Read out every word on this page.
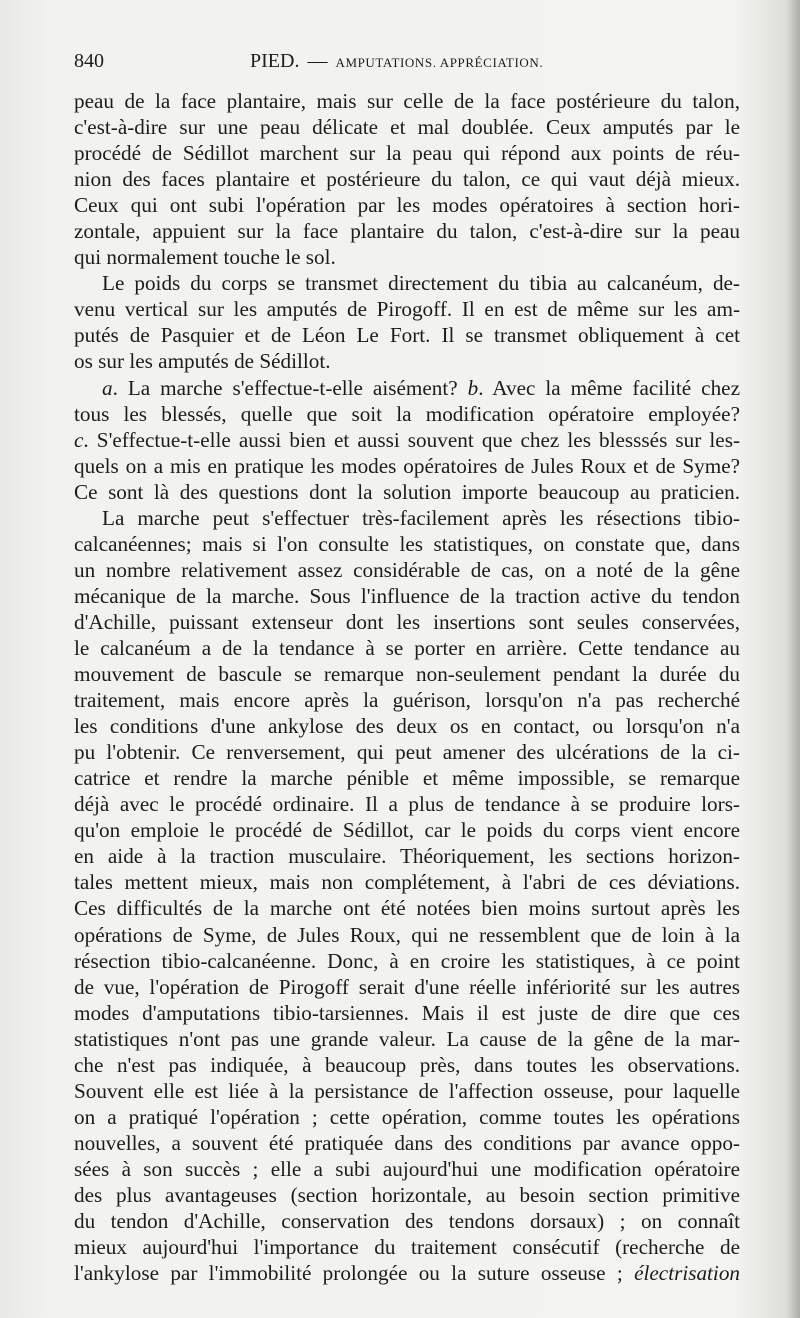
840	PIED. — AMPUTATIONS. APPRÉCIATION.
peau de la face plantaire, mais sur celle de la face postérieure du talon,
c'est-à-dire sur une peau délicate et mal doublée. Ceux amputés par le
procédé de Sédillot marchent sur la peau qui répond aux points de réu-
nion des faces plantaire et postérieure du talon, ce qui vaut déjà mieux.
Ceux qui ont subi l'opération par les modes opératoires à section hori-
zontale, appuient sur la face plantaire du talon, c'est-à-dire sur la peau
qui normalement touche le sol.
Le poids du corps se transmet directement du tibia au calcanéum, de-
venu vertical sur les amputés de Pirogoff. Il en est de même sur les am-
putés de Pasquier et de Léon Le Fort. Il se transmet obliquement à cet
os sur les amputés de Sédillot.
a. La marche s'effectue-t-elle aisément? b. Avec la même facilité chez
tous les blessés, quelle que soit la modification opératoire employée?
c. S'effectue-t-elle aussi bien et aussi souvent que chez les blesssés sur les-
quels on a mis en pratique les modes opératoires de Jules Roux et de Syme?
Ce sont là des questions dont la solution importe beaucoup au praticien.
La marche peut s'effectuer très-facilement après les résections tibio-
calcanéennes; mais si l'on consulte les statistiques, on constate que, dans
un nombre relativement assez considérable de cas, on a noté de la gêne
mécanique de la marche. Sous l'influence de la traction active du tendon
d'Achille, puissant extenseur dont les insertions sont seules conservées,
le calcanéum a de la tendance à se porter en arrière. Cette tendance au
mouvement de bascule se remarque non-seulement pendant la durée du
traitement, mais encore après la guérison, lorsqu'on n'a pas recherché
les conditions d'une ankylose des deux os en contact, ou lorsqu'on n'a
pu l'obtenir. Ce renversement, qui peut amener des ulcérations de la ci-
catrice et rendre la marche pénible et même impossible, se remarque
déjà avec le procédé ordinaire. Il a plus de tendance à se produire lors-
qu'on emploie le procédé de Sédillot, car le poids du corps vient encore
en aide à la traction musculaire. Théoriquement, les sections horizon-
tales mettent mieux, mais non complétement, à l'abri de ces déviations.
Ces difficultés de la marche ont été notées bien moins surtout après les
opérations de Syme, de Jules Roux, qui ne ressemblent que de loin à la
résection tibio-calcanéenne. Donc, à en croire les statistiques, à ce point
de vue, l'opération de Pirogoff serait d'une réelle infériorité sur les autres
modes d'amputations tibio-tarsiennes. Mais il est juste de dire que ces
statistiques n'ont pas une grande valeur. La cause de la gêne de la mar-
che n'est pas indiquée, à beaucoup près, dans toutes les observations.
Souvent elle est liée à la persistance de l'affection osseuse, pour laquelle
on a pratiqué l'opération ; cette opération, comme toutes les opérations
nouvelles, a souvent été pratiquée dans des conditions par avance oppo-
sées à son succès ; elle a subi aujourd'hui une modification opératoire
des plus avantageuses (section horizontale, au besoin section primitive
du tendon d'Achille, conservation des tendons dorsaux) ; on connaît
mieux aujourd'hui l'importance du traitement consécutif (recherche de
l'ankylose par l'immobilité prolongée ou la suture osseuse ; électrisation
